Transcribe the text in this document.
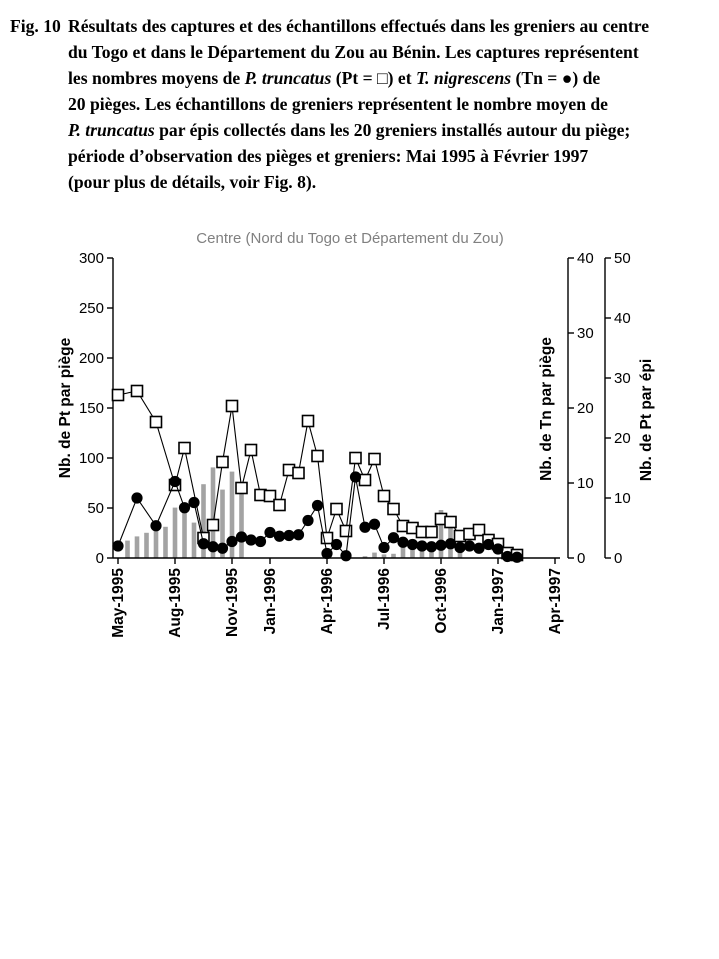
Centre (Nord du Togo et Département du Zou)
0
50
100
150
200
250
300
0
10
20
30
40
0
10
20
30
40
50
May-1995	Aug-1995	Nov-1995 Jan-1996	Apr-1996	Jul-1996	Oct-1996	Jan-1997	Apr-1997
Nb. de Pt par piège	Nb. de Tn par piège	Nb. de Pt par épi
Fig. 10 Résultats des captures et des échantillons effectués dans les greniers au centre
du Togo et dans le Département du Zou au Bénin. Les captures représentent
les nombres moyens de P. truncatus (Pt = □) et T. nigrescens (Tn = ●) de
20 pièges. Les échantillons de greniers représentent le nombre moyen de
P. truncatus par épis collectés dans les 20 greniers installés autour du piège;
période d’observation des pièges et greniers: Mai 1995 à Février 1997
(pour plus de détails, voir Fig. 8).
